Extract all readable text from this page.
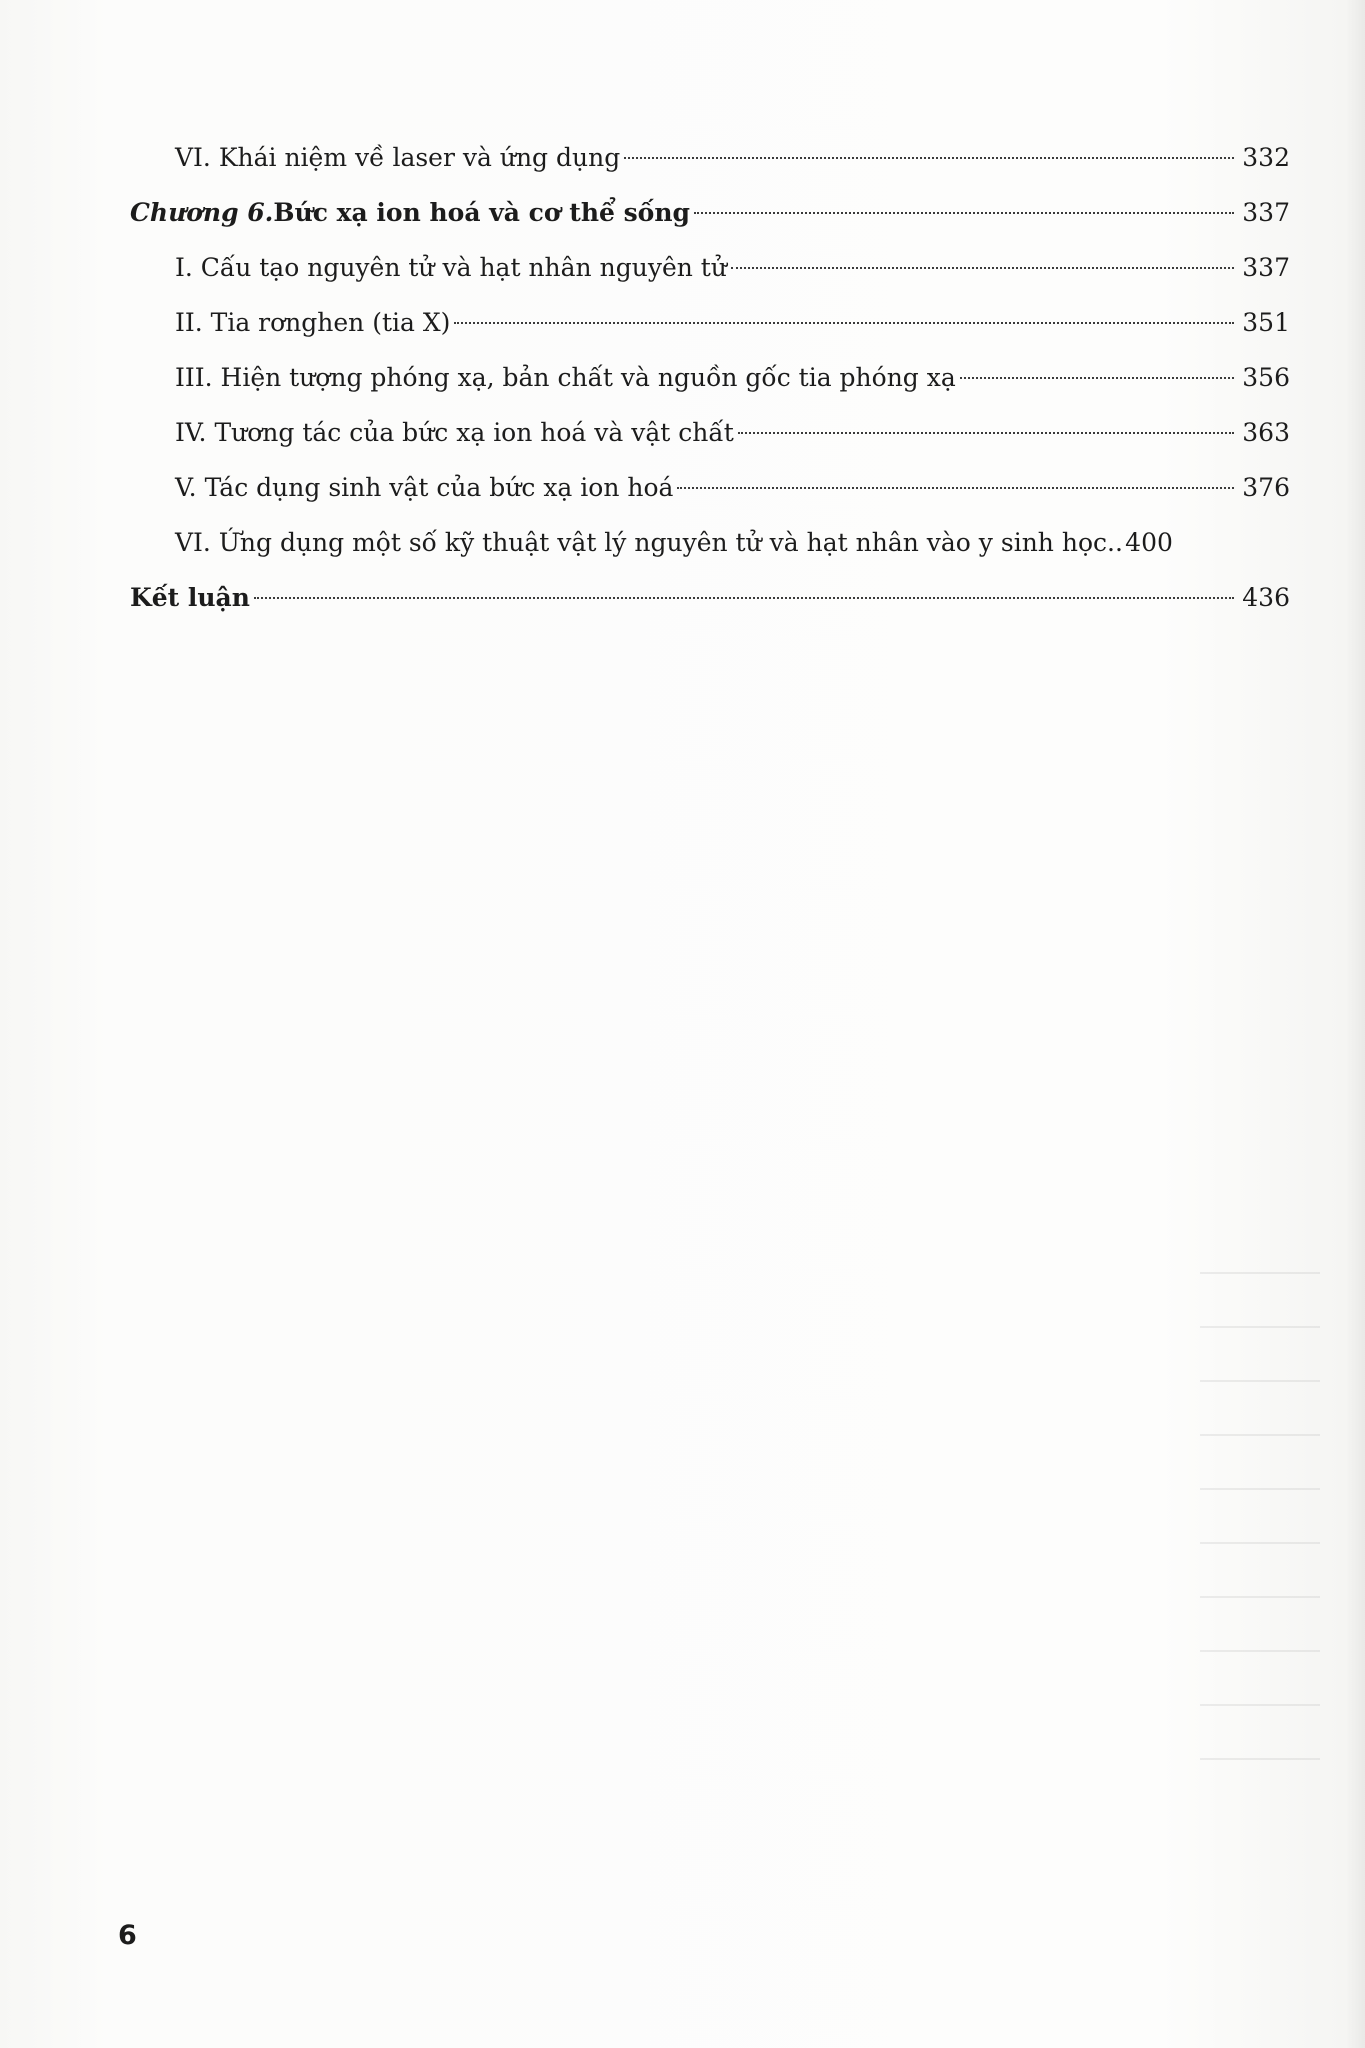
VI. Khái niệm về laser và ứng dụng	332
Chương 6. Bức xạ ion hoá và cơ thể sống	337
I. Cấu tạo nguyên tử và hạt nhân nguyên tử	337
II. Tia rơnghen (tia X)	351
III. Hiện tượng phóng xạ, bản chất và nguồn gốc tia phóng xạ	356
IV. Tương tác của bức xạ ion hoá và vật chất	363
V. Tác dụng sinh vật của bức xạ ion hoá	376
VI. Ứng dụng một số kỹ thuật vật lý nguyên tử và hạt nhân vào y sinh học.. 400
Kết luận	436
6
